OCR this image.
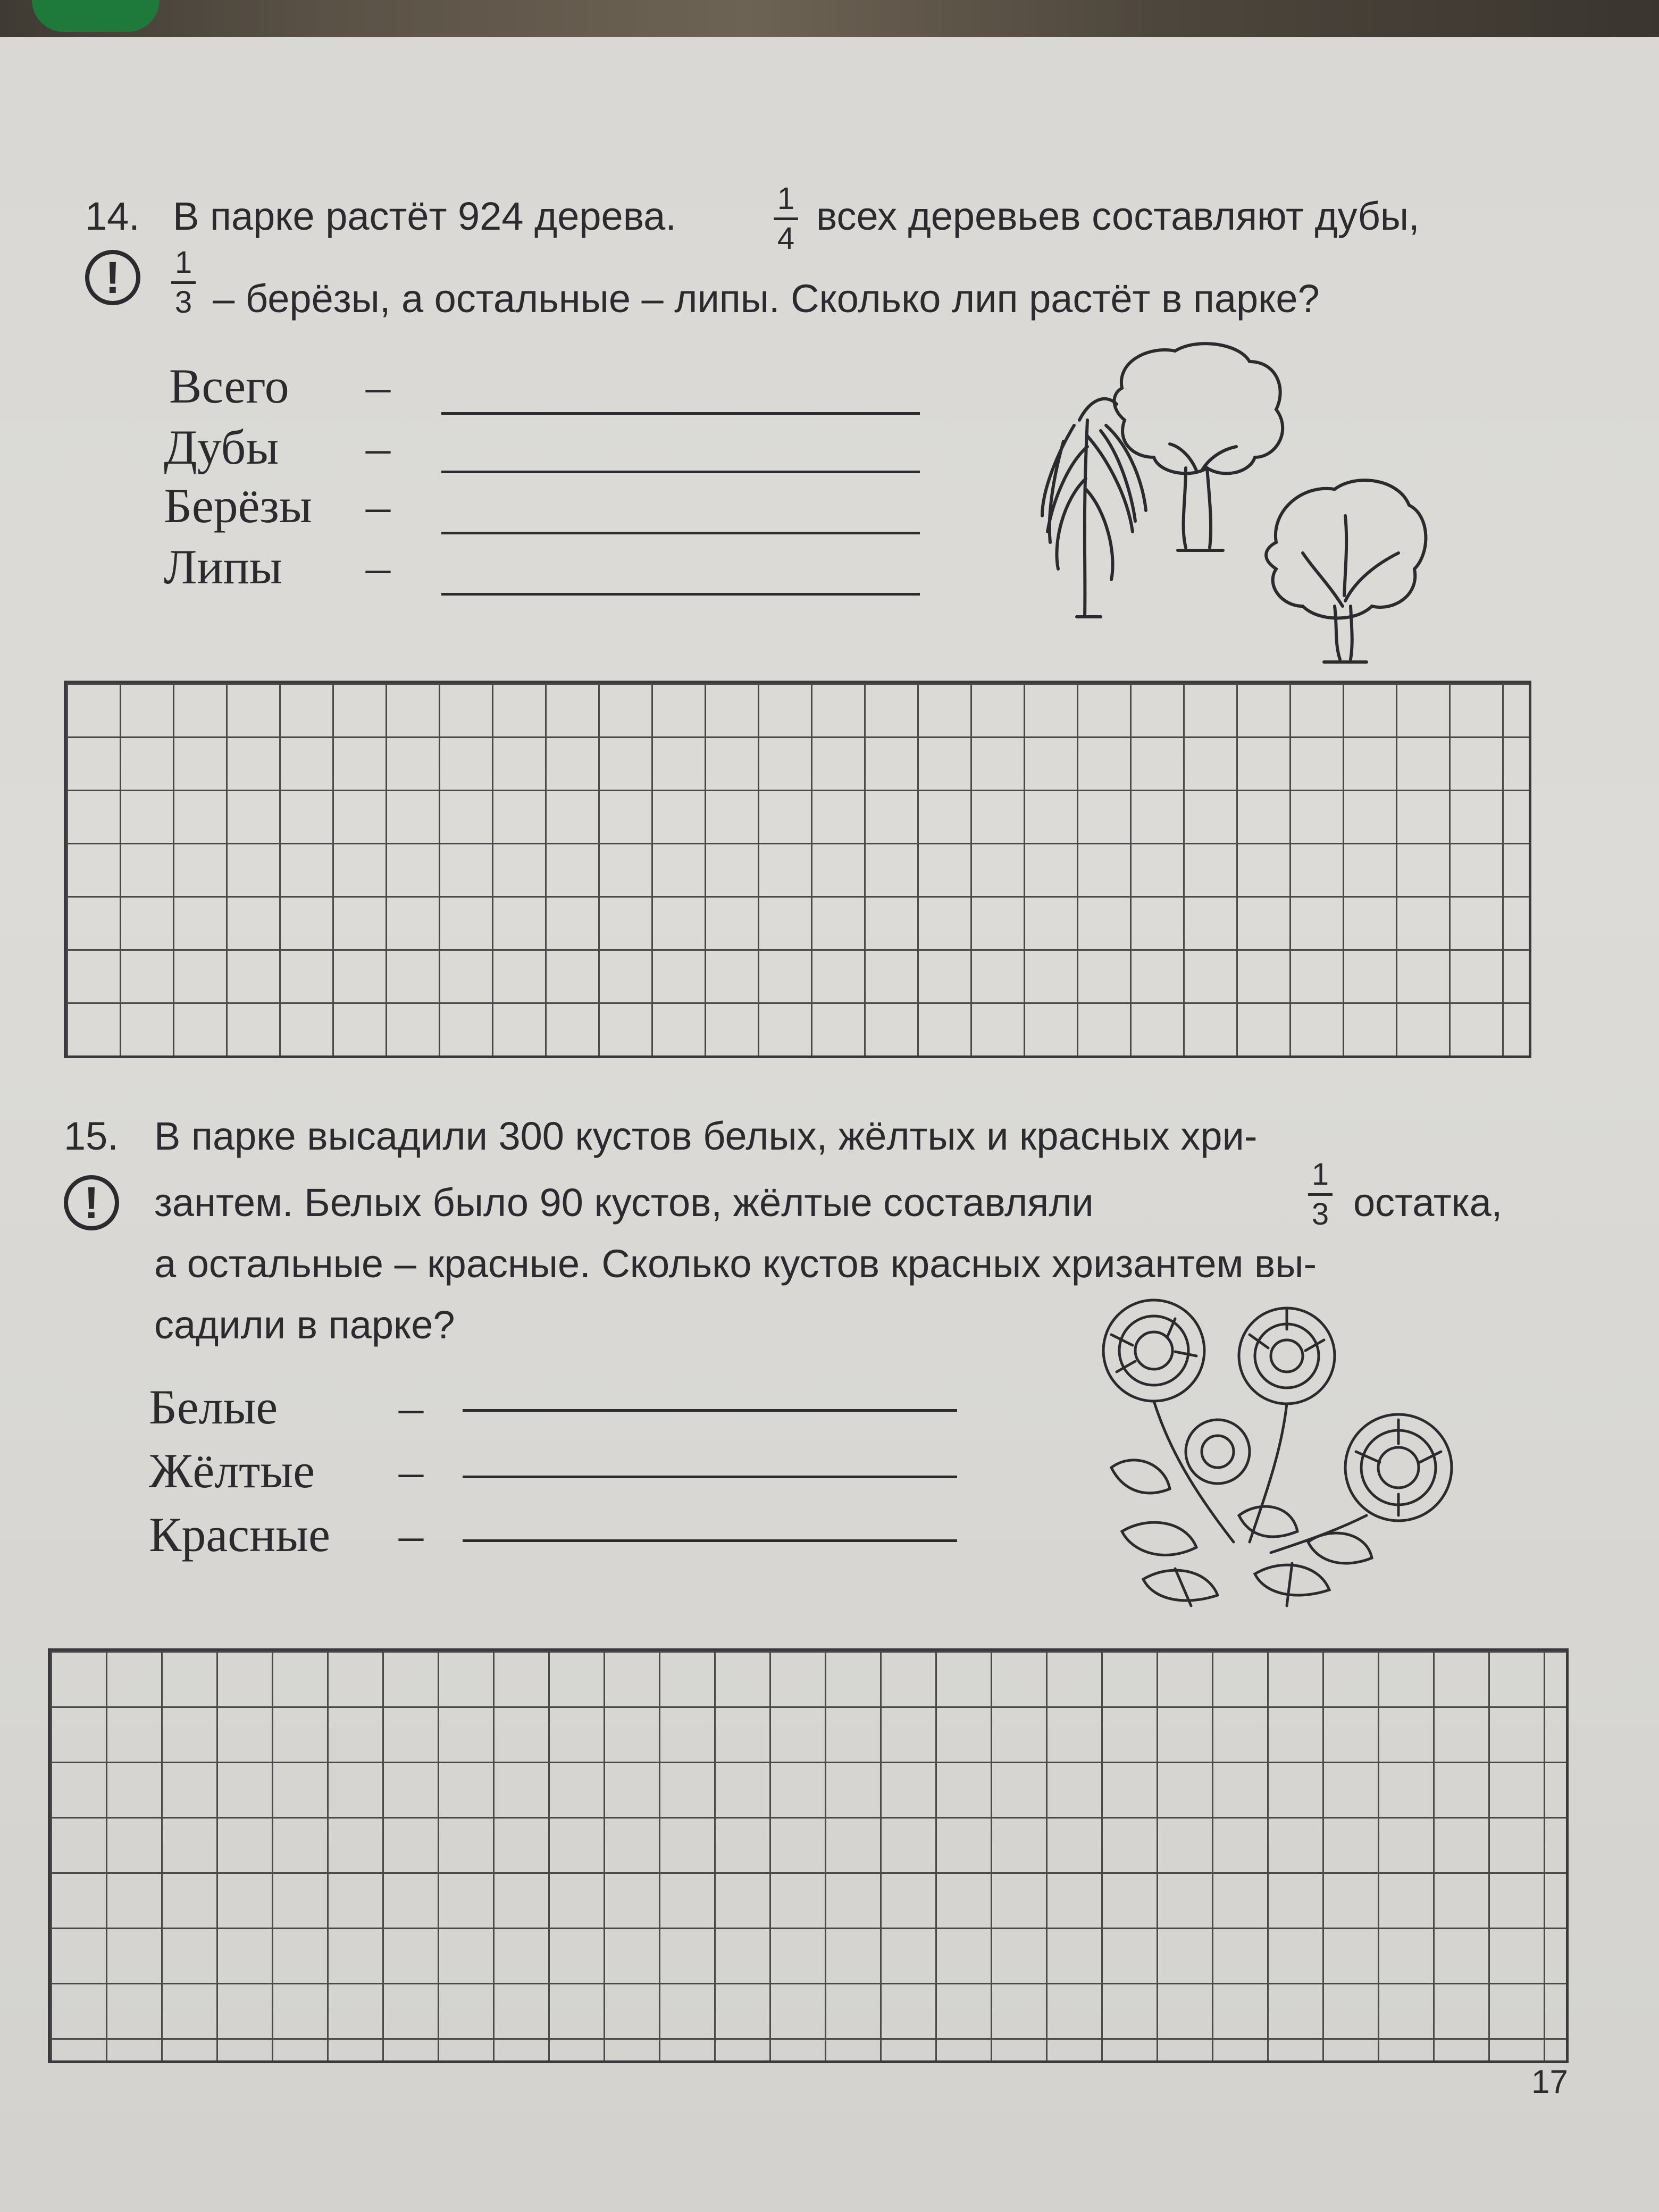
14. В парке растёт 924 дерева.	1
4
всех деревьев составляют дубы,
! 1
3 – берёзы, а остальные – липы. Сколько лип растёт в парке?
Всего –
Дубы –
Берёзы –
Липы –
15. В парке высадили 300 кустов белых, жёлтых и красных хри-
! зантем. Белых было 90 кустов, жёлтые составляли
1
3 остатка,
а остальные – красные. Сколько кустов красных хризантем вы-
садили в парке?
Белые –
Жёлтые –
Красные –
17
